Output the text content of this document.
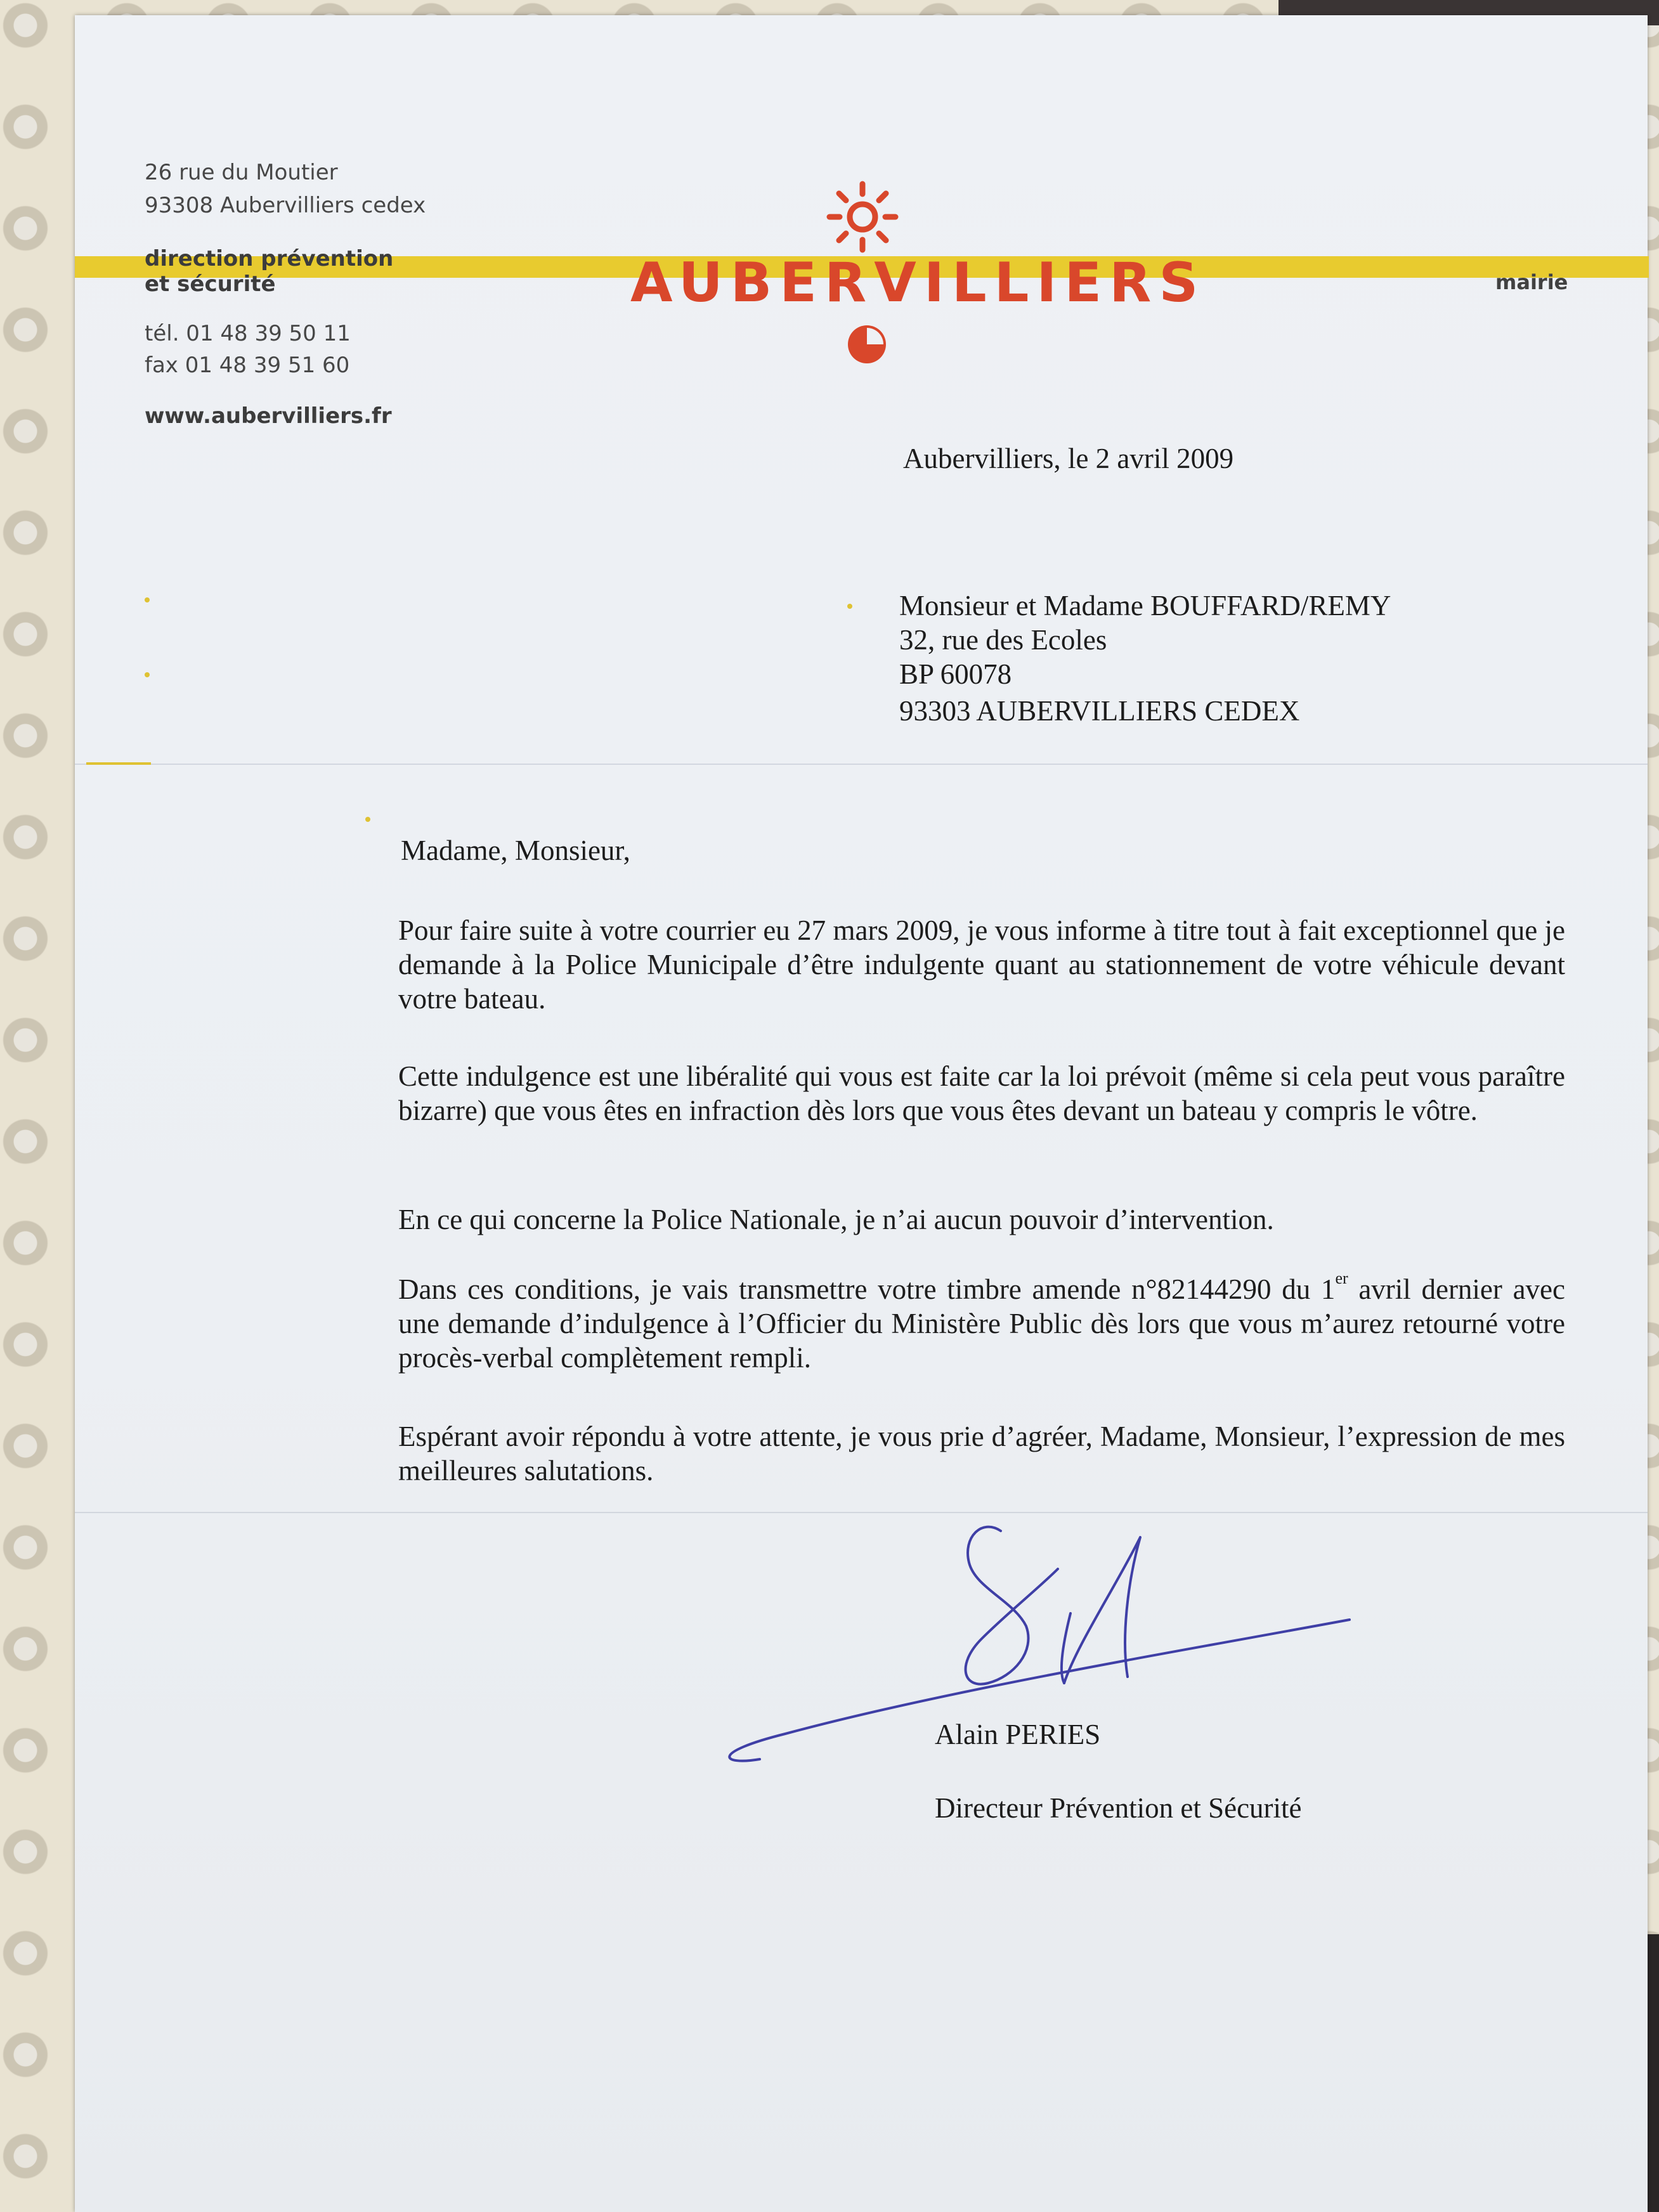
26 rue du Moutier
93308 Aubervilliers cedex
direction prévention
et sécurité
tél. 01 48 39 50 11
fax 01 48 39 51 60
www.aubervilliers.fr
AUBERVILLIERS	mairie
Aubervilliers, le 2 avril 2009
Monsieur et Madame BOUFFARD/REMY
32, rue des Ecoles
BP 60078
93303 AUBERVILLIERS CEDEX
Madame, Monsieur,
Pour faire suite à votre courrier eu 27 mars 2009, je vous informe à titre tout à fait exceptionnel que je demande à la Police Municipale d’être indulgente quant au stationnement de votre véhicule devant votre bateau.
Cette indulgence est une libéralité qui vous est faite car la loi prévoit (même si cela peut vous paraître bizarre) que vous êtes en infraction dès lors que vous êtes devant un bateau y compris le vôtre.
En ce qui concerne la Police Nationale, je n’ai aucun pouvoir d’intervention.
Dans ces conditions, je vais transmettre votre timbre amende n°82144290 du 1er avril dernier avec une demande d’indulgence à l’Officier du Ministère Public dès lors que vous m’aurez retourné votre procès-verbal complètement rempli.
Espérant avoir répondu à votre attente, je vous prie d’agréer, Madame, Monsieur, l’expression de mes meilleures salutations.
Alain PERIES
Directeur Prévention et Sécurité
